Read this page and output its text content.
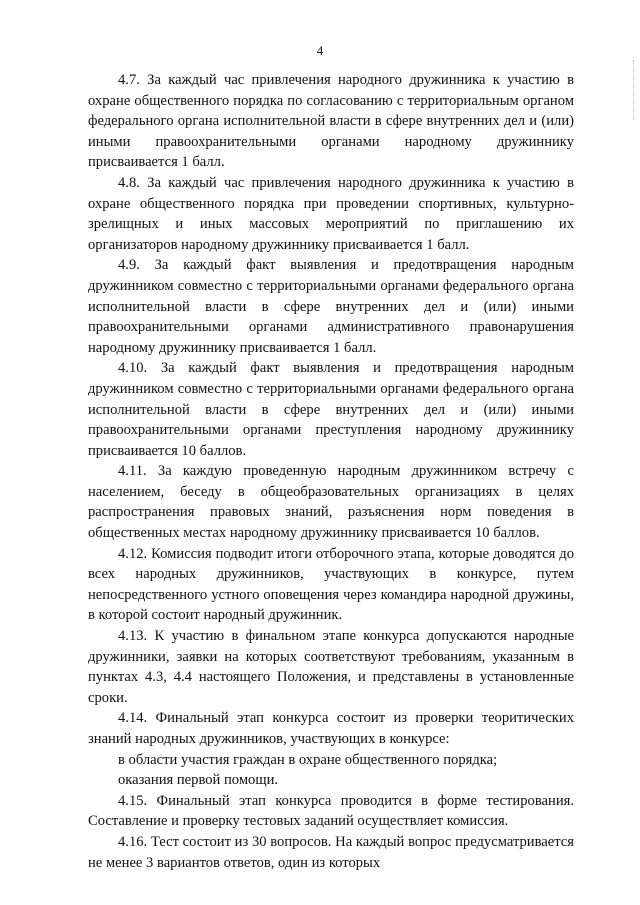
4

4.7. За каждый час привлечения народного дружинника к участию в охране общественного порядка по согласованию с территориальным органом федерального органа исполнительной власти в сфере внутренних дел и (или) иными правоохранительными органами народному дружиннику присваивается 1 балл.

4.8. За каждый час привлечения народного дружинника к участию в охране общественного порядка при проведении спортивных, культурно-зрелищных и иных массовых мероприятий по приглашению их организаторов народному дружиннику присваивается 1 балл.

4.9. За каждый факт выявления и предотвращения народным дружинником совместно с территориальными органами федерального органа исполнительной власти в сфере внутренних дел и (или) иными правоохранительными органами административного правонарушения народному дружиннику присваивается 1 балл.

4.10. За каждый факт выявления и предотвращения народным дружинником совместно с территориальными органами федерального органа исполнительной власти в сфере внутренних дел и (или) иными правоохранительными органами преступления народному дружиннику присваивается 10 баллов.

4.11. За каждую проведенную народным дружинником встречу с населением, беседу в общеобразовательных организациях в целях распространения правовых знаний, разъяснения норм поведения в общественных местах народному дружиннику присваивается 10 баллов.

4.12. Комиссия подводит итоги отборочного этапа, которые доводятся до всех народных дружинников, участвующих в конкурсе, путем непосредственного устного оповещения через командира народной дружины, в которой состоит народный дружинник.

4.13. К участию в финальном этапе конкурса допускаются народные дружинники, заявки на которых соответствуют требованиям, указанным в пунктах 4.3, 4.4 настоящего Положения, и представлены в установленные сроки.

4.14. Финальный этап конкурса состоит из проверки теоритических знаний народных дружинников, участвующих в конкурсе:

в области участия граждан в охране общественного порядка;

оказания первой помощи.

4.15. Финальный этап конкурса проводится в форме тестирования. Составление и проверку тестовых заданий осуществляет комиссия.

4.16. Тест состоит из 30 вопросов. На каждый вопрос предусматривается не менее 3 вариантов ответов, один из которых
